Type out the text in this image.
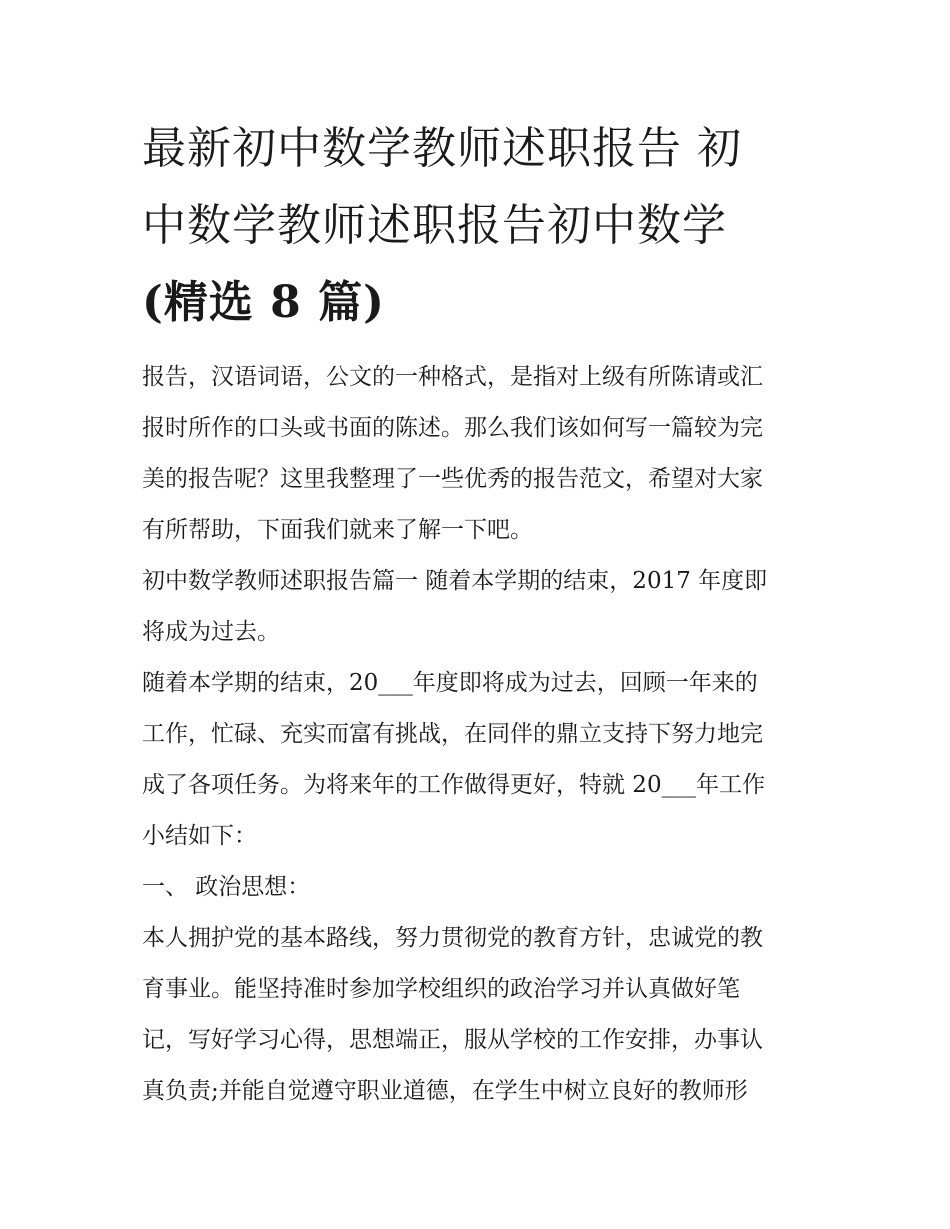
最新初中数学教师述职报告 初
中数学教师述职报告初中数学
(精选 8 篇)
报告，汉语词语，公文的一种格式，是指对上级有所陈请或汇
报时所作的口头或书面的陈述。那么我们该如何写一篇较为完
美的报告呢？这里我整理了一些优秀的报告范文，希望对大家
有所帮助，下面我们就来了解一下吧。
初中数学教师述职报告篇一 随着本学期的结束，2017 年度即
将成为过去。
随着本学期的结束，20___年度即将成为过去，回顾一年来的
工作，忙碌、充实而富有挑战，在同伴的鼎立支持下努力地完
成了各项任务。为将来年的工作做得更好，特就 20___年工作
小结如下：
一、 政治思想：
本人拥护党的基本路线，努力贯彻党的教育方针，忠诚党的教
育事业。能坚持准时参加学校组织的政治学习并认真做好笔
记，写好学习心得，思想端正，服从学校的工作安排，办事认
真负责;并能自觉遵守职业道德，在学生中树立良好的教师形
